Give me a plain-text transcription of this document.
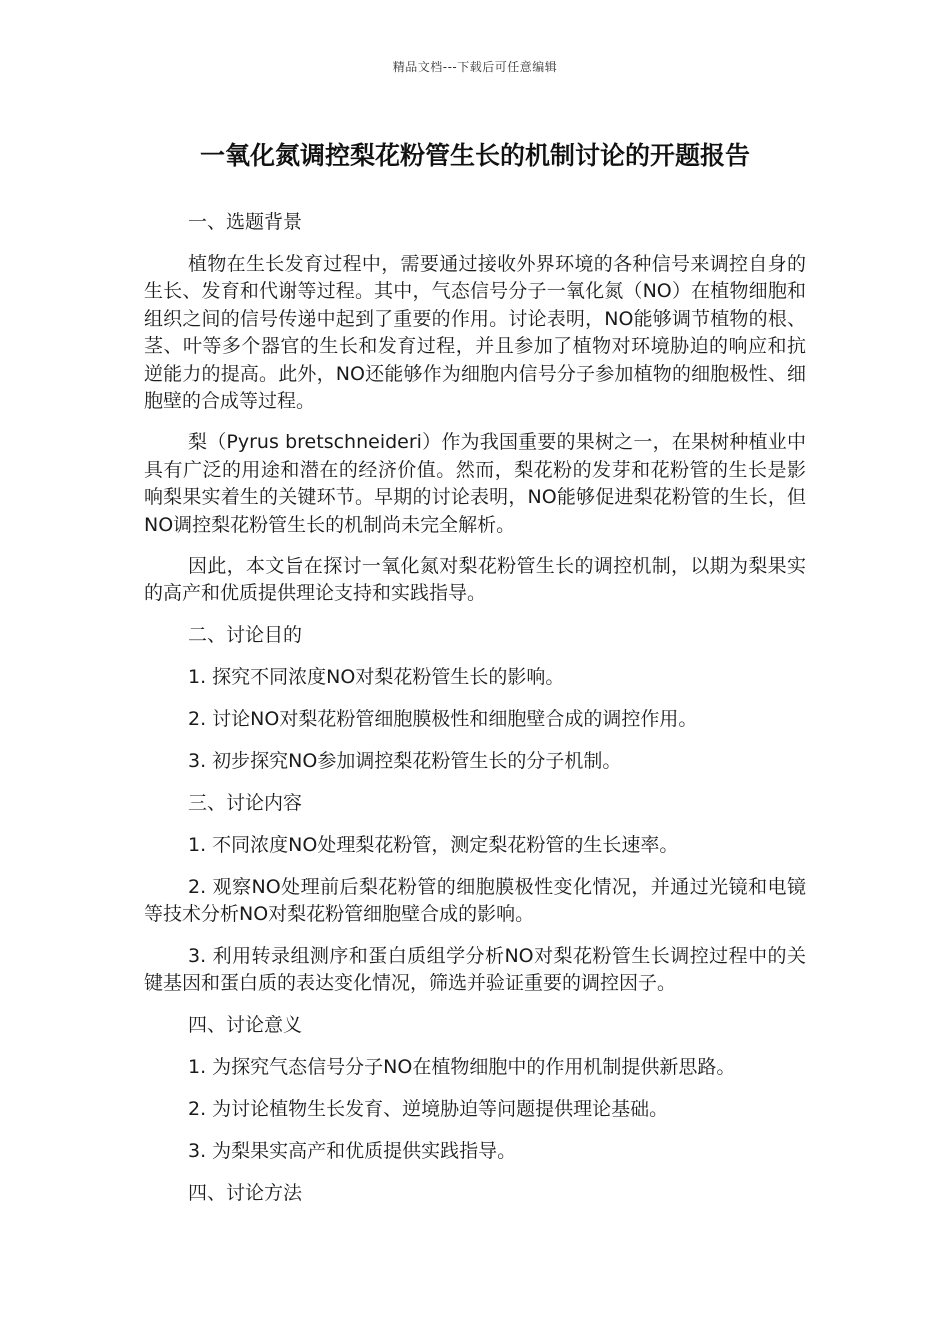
精品文档---下载后可任意编辑
一氧化氮调控梨花粉管生长的机制讨论的开题报告

一、选题背景

植物在生长发育过程中，需要通过接收外界环境的各种信号来调控自身的生长、发育和代谢等过程。其中，气态信号分子一氧化氮（NO）在植物细胞和组织之间的信号传递中起到了重要的作用。讨论表明，NO能够调节植物的根、茎、叶等多个器官的生长和发育过程，并且参加了植物对环境胁迫的响应和抗逆能力的提高。此外，NO还能够作为细胞内信号分子参加植物的细胞极性、细胞壁的合成等过程。

梨（Pyrus bretschneideri）作为我国重要的果树之一，在果树种植业中具有广泛的用途和潜在的经济价值。然而，梨花粉的发芽和花粉管的生长是影响梨果实着生的关键环节。早期的讨论表明，NO能够促进梨花粉管的生长，但NO调控梨花粉管生长的机制尚未完全解析。

因此，本文旨在探讨一氧化氮对梨花粉管生长的调控机制，以期为梨果实的高产和优质提供理论支持和实践指导。

二、讨论目的

1. 探究不同浓度NO对梨花粉管生长的影响。

2. 讨论NO对梨花粉管细胞膜极性和细胞壁合成的调控作用。

3. 初步探究NO参加调控梨花粉管生长的分子机制。

三、讨论内容

1. 不同浓度NO处理梨花粉管，测定梨花粉管的生长速率。

2. 观察NO处理前后梨花粉管的细胞膜极性变化情况，并通过光镜和电镜等技术分析NO对梨花粉管细胞壁合成的影响。

3. 利用转录组测序和蛋白质组学分析NO对梨花粉管生长调控过程中的关键基因和蛋白质的表达变化情况，筛选并验证重要的调控因子。

四、讨论意义

1. 为探究气态信号分子NO在植物细胞中的作用机制提供新思路。

2. 为讨论植物生长发育、逆境胁迫等问题提供理论基础。

3. 为梨果实高产和优质提供实践指导。

四、讨论方法
